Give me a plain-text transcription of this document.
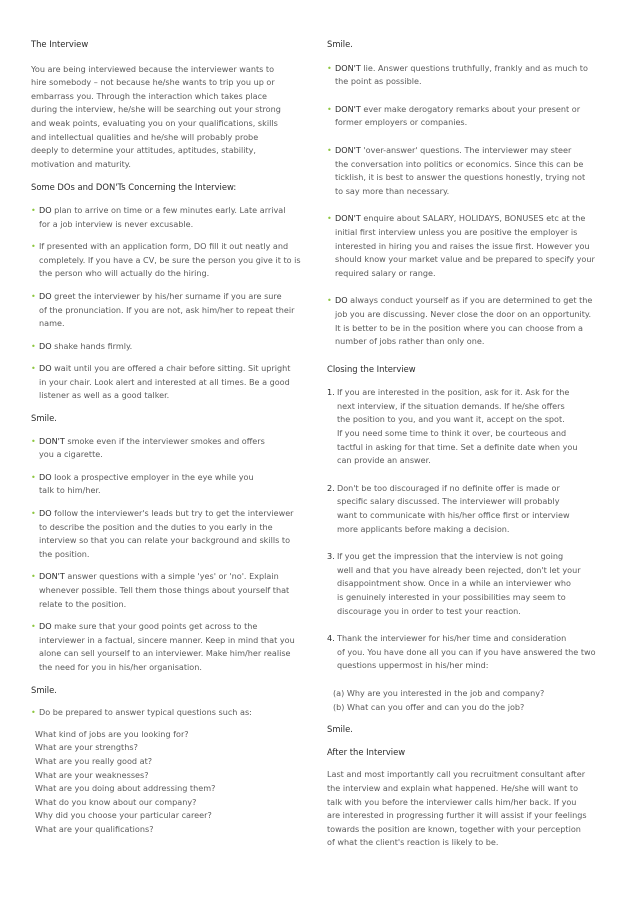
The Interview

You are being interviewed because the interviewer wants to
hire somebody – not because he/she wants to trip you up or
embarrass you. Through the interaction which takes place
during the interview, he/she will be searching out your strong
and weak points, evaluating you on your qualifications, skills
and intellectual qualities and he/she will probably probe
deeply to determine your attitudes, aptitudes, stability,
motivation and maturity.

Some DOs and DON'Ts Concerning the Interview:

• DO plan to arrive on time or a few minutes early. Late arrival
for a job interview is never excusable.
• If presented with an application form, DO fill it out neatly and
completely. If you have a CV, be sure the person you give it to is
the person who will actually do the hiring.
• DO greet the interviewer by his/her surname if you are sure
of the pronunciation. If you are not, ask him/her to repeat their
name.
• DO shake hands firmly.
• DO wait until you are offered a chair before sitting. Sit upright
in your chair. Look alert and interested at all times. Be a good
listener as well as a good talker.

Smile.

• DON'T smoke even if the interviewer smokes and offers
you a cigarette.
• DO look a prospective employer in the eye while you
talk to him/her.
• DO follow the interviewer's leads but try to get the interviewer
to describe the position and the duties to you early in the
interview so that you can relate your background and skills to
the position.
• DON'T answer questions with a simple 'yes' or 'no'. Explain
whenever possible. Tell them those things about yourself that
relate to the position.
• DO make sure that your good points get across to the
interviewer in a factual, sincere manner. Keep in mind that you
alone can sell yourself to an interviewer. Make him/her realise
the need for you in his/her organisation.

Smile.

• Do be prepared to answer typical questions such as:
What kind of jobs are you looking for?
What are your strengths?
What are you really good at?
What are your weaknesses?
What are you doing about addressing them?
What do you know about our company?
Why did you choose your particular career?
What are your qualifications?

Smile.

• DON'T lie. Answer questions truthfully, frankly and as much to
the point as possible.
• DON'T ever make derogatory remarks about your present or
former employers or companies.
• DON'T 'over-answer' questions. The interviewer may steer
the conversation into politics or economics. Since this can be
ticklish, it is best to answer the questions honestly, trying not
to say more than necessary.
• DON'T enquire about SALARY, HOLIDAYS, BONUSES etc at the
initial first interview unless you are positive the employer is
interested in hiring you and raises the issue first. However you
should know your market value and be prepared to specify your
required salary or range.
• DO always conduct yourself as if you are determined to get the
job you are discussing. Never close the door on an opportunity.
It is better to be in the position where you can choose from a
number of jobs rather than only one.

Closing the Interview

1. If you are interested in the position, ask for it. Ask for the
next interview, if the situation demands. If he/she offers
the position to you, and you want it, accept on the spot.
If you need some time to think it over, be courteous and
tactful in asking for that time. Set a definite date when you
can provide an answer.
2. Don't be too discouraged if no definite offer is made or
specific salary discussed. The interviewer will probably
want to communicate with his/her office first or interview
more applicants before making a decision.
3. If you get the impression that the interview is not going
well and that you have already been rejected, don't let your
disappointment show. Once in a while an interviewer who
is genuinely interested in your possibilities may seem to
discourage you in order to test your reaction.
4. Thank the interviewer for his/her time and consideration
of you. You have done all you can if you have answered the two
questions uppermost in his/her mind:
(a) Why are you interested in the job and company?
(b) What can you offer and can you do the job?

Smile.

After the Interview

Last and most importantly call you recruitment consultant after
the interview and explain what happened. He/she will want to
talk with you before the interviewer calls him/her back. If you
are interested in progressing further it will assist if your feelings
towards the position are known, together with your perception
of what the client's reaction is likely to be.
